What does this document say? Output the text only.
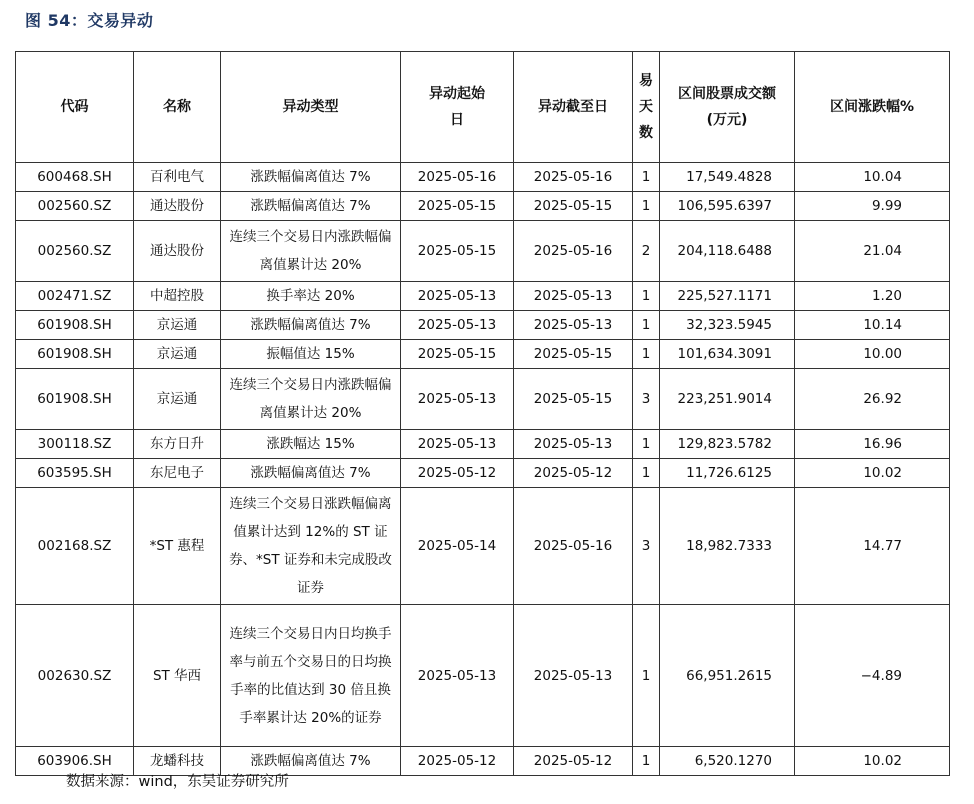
图 54：交易异动
代码	名称	异动类型	异动起始日	异动截至日	易天数	区间股票成交额(万元)	区间涨跌幅%
600468.SH	百利电气	涨跌幅偏离值达 7%	2025-05-16	2025-05-16	1	17,549.4828	10.04
002560.SZ	通达股份	涨跌幅偏离值达 7%	2025-05-15	2025-05-15	1	106,595.6397	9.99
002560.SZ	通达股份	连续三个交易日内涨跌幅偏离值累计达 20%	2025-05-15	2025-05-16	2	204,118.6488	21.04
002471.SZ	中超控股	换手率达 20%	2025-05-13	2025-05-13	1	225,527.1171	1.20
601908.SH	京运通	涨跌幅偏离值达 7%	2025-05-13	2025-05-13	1	32,323.5945	10.14
601908.SH	京运通	振幅值达 15%	2025-05-15	2025-05-15	1	101,634.3091	10.00
601908.SH	京运通	连续三个交易日内涨跌幅偏离值累计达 20%	2025-05-13	2025-05-15	3	223,251.9014	26.92
300118.SZ	东方日升	涨跌幅达 15%	2025-05-13	2025-05-13	1	129,823.5782	16.96
603595.SH	东尼电子	涨跌幅偏离值达 7%	2025-05-12	2025-05-12	1	11,726.6125	10.02
002168.SZ	*ST 惠程	连续三个交易日涨跌幅偏离值累计达到 12%的 ST 证券、*ST 证券和未完成股改证券	2025-05-14	2025-05-16	3	18,982.7333	14.77
002630.SZ	ST 华西	连续三个交易日内日均换手率与前五个交易日的日均换手率的比值达到 30 倍且换手率累计达 20%的证券	2025-05-13	2025-05-13	1	66,951.2615	−4.89
603906.SH	龙蟠科技	涨跌幅偏离值达 7%	2025-05-12	2025-05-12	1	6,520.1270	10.02
数据来源：wind，东吴证券研究所
